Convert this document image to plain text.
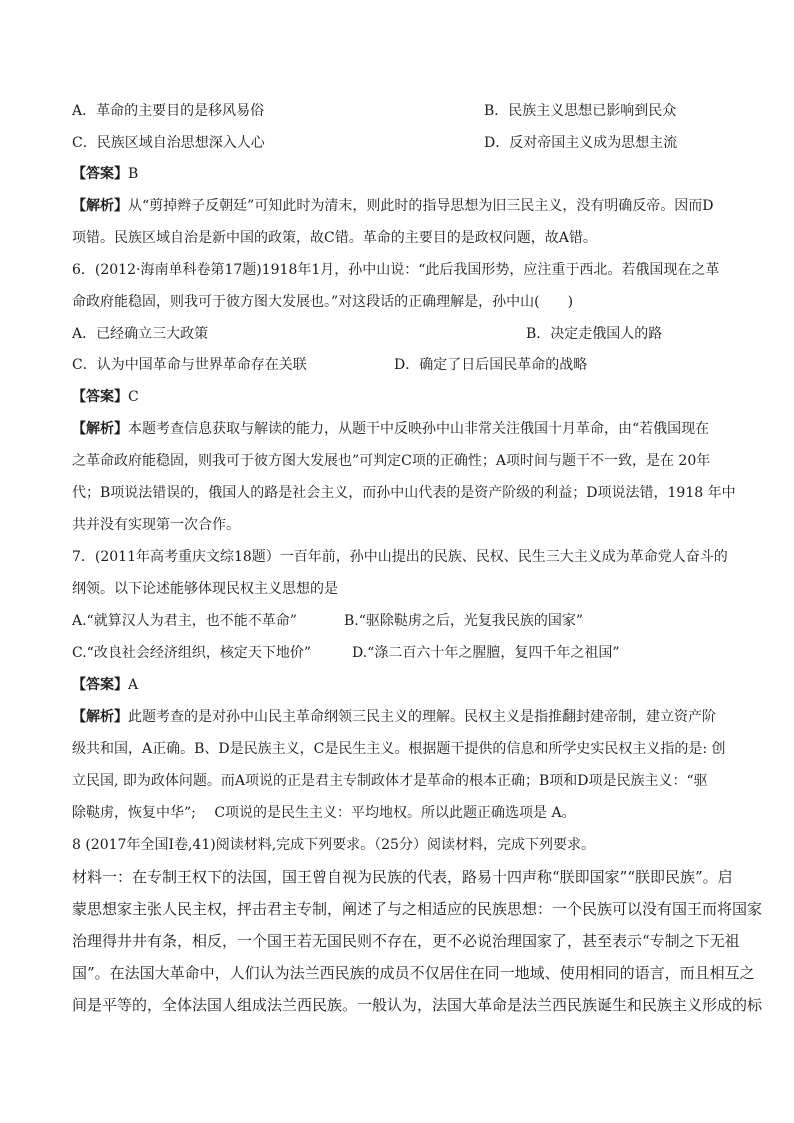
A．革命的主要目的是移风易俗	B．民族主义思想已影响到民众
C．民族区域自治思想深入人心	D．反对帝国主义成为思想主流
【答案】B
【解析】从“剪掉辫子反朝廷”可知此时为清末，则此时的指导思想为旧三民主义，没有明确反帝。因而D
项错。民族区域自治是新中国的政策，故C错。革命的主要目的是政权问题，故A错。
6．(2012·海南单科卷第17题)1918年1月，孙中山说：“此后我国形势，应注重于西北。若俄国现在之革
命政府能稳固，则我可于彼方图大发展也。”对这段话的正确理解是，孙中山(　　)
A．已经确立三大政策	B．决定走俄国人的路
C．认为中国革命与世界革命存在关联	D．确定了日后国民革命的战略
【答案】C
【解析】本题考查信息获取与解读的能力，从题干中反映孙中山非常关注俄国十月革命，由“若俄国现在
之革命政府能稳固，则我可于彼方图大发展也”可判定C项的正确性；A项时间与题干不一致，是在 20年
代；B项说法错误的，俄国人的路是社会主义，而孙中山代表的是资产阶级的利益；D项说法错，1918 年中
共并没有实现第一次合作。
7．(2011年高考重庆文综18题）一百年前，孙中山提出的民族、民权、民生三大主义成为革命党人奋斗的
纲领。以下论述能够体现民权主义思想的是
A.“就算汉人为君主，也不能不革命”	B.“驱除鞑虏之后，光复我民族的国家”
C.“改良社会经济组织，核定天下地价”	D.“涤二百六十年之腥膻，复四千年之祖国”
【答案】A
【解析】此题考查的是对孙中山民主革命纲领三民主义的理解。民权主义是指推翻封建帝制，建立资产阶
级共和国，A正确。B、D是民族主义，C是民生主义。根据题干提供的信息和所学史实民权主义指的是: 创
立民国, 即为政体问题。而A项说的正是君主专制政体才是革命的根本正确；B项和D项是民族主义：“驱
除鞑虏，恢复中华”;　 C项说的是民生主义：平均地权。所以此题正确选项是 A。
8 (2017年全国Ⅰ卷,41)阅读材料,完成下列要求。（25分）阅读材料，完成下列要求。
材料一：在专制王权下的法国，国王曾自视为民族的代表，路易十四声称“朕即国家”“朕即民族”。启
蒙思想家主张人民主权，抨击君主专制，阐述了与之相适应的民族思想：一个民族可以没有国王而将国家
治理得井井有条，相反，一个国王若无国民则不存在，更不必说治理国家了，甚至表示“专制之下无祖
国”。在法国大革命中，人们认为法兰西民族的成员不仅居住在同一地域、使用相同的语言，而且相互之
间是平等的，全体法国人组成法兰西民族。一般认为，法国大革命是法兰西民族诞生和民族主义形成的标
